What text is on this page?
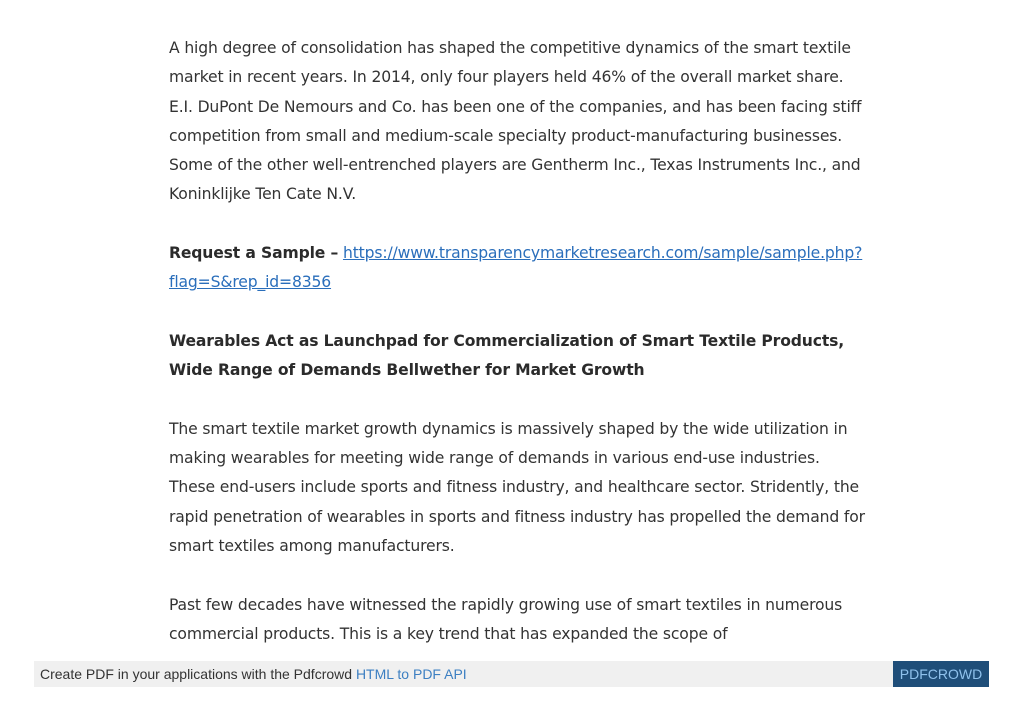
A high degree of consolidation has shaped the competitive dynamics of the smart textile market in recent years. In 2014, only four players held 46% of the overall market share. E.I. DuPont De Nemours and Co. has been one of the companies, and has been facing stiff competition from small and medium-scale specialty product-manufacturing businesses. Some of the other well-entrenched players are Gentherm Inc., Texas Instruments Inc., and Koninklijke Ten Cate N.V.

Request a Sample – https://www.transparencymarketresearch.com/sample/sample.php?flag=S&rep_id=8356

Wearables Act as Launchpad for Commercialization of Smart Textile Products, Wide Range of Demands Bellwether for Market Growth

The smart textile market growth dynamics is massively shaped by the wide utilization in making wearables for meeting wide range of demands in various end-use industries. These end-users include sports and fitness industry, and healthcare sector. Stridently, the rapid penetration of wearables in sports and fitness industry has propelled the demand for smart textiles among manufacturers.

Past few decades have witnessed the rapidly growing use of smart textiles in numerous commercial products. This is a key trend that has expanded the scope of

Create PDF in your applications with the Pdfcrowd HTML to PDF API	PDFCROWD
